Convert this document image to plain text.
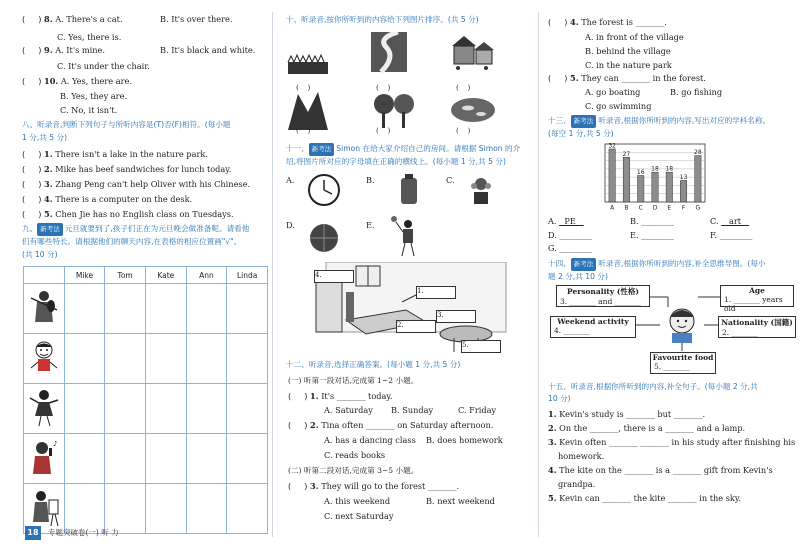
(     ) 8. A. There's a cat.	B. It's over there.
C. Yes, there is.
(     ) 9. A. It's mine.	B. It's black and white.
C. It's under the chair.
(     ) 10. A. Yes, there are.
B. Yes, they are.
C. No, it isn't.
八、听录音,判断下列句子与所听内容是(T)否(F)相符。(每小题
1 分,共 5 分)
(     ) 1. There isn't a lake in the nature park.
(     ) 2. Mike has beef sandwiches for lunch today.
(     ) 3. Zhang Peng can't help Oliver with his Chinese.
(     ) 4. There is a computer on the desk.
(     ) 5. Chen Jie has no English class on Tuesdays.
九、 新考法 元旦就要到了,孩子们正在为元旦晚会做准备呢。请看他
们有哪些特长。请根据他们的聊天内容,在表格的相应位置画"√"。
(共 10 分)
	Mike	Tom	Kate	Ann	Linda

♪					

18	专题突破卷(一) 听 力
十、听录音,按你所听到的内容给下列图片排序。(共 5 分)
(    )	(    )	(    )
(    )	(    )	(    )
十一、 新考法 Simon 在给大家介绍自己的房间。请根据 Simon 的介
绍,将图片所对应的字母填在正确的横线上。(每小题 1 分,共 5 分)
A.	B.	C.
D.	E.
4.
1.
2.
3.
5.
十二、听录音,选择正确答案。(每小题 1 分,共 5 分)
(一) 听第一段对话,完成第 1~2 小题。
(     ) 1. It's _______ today.
A. Saturday B. Sunday	C. Friday
(     ) 2. Tina often _______ on Saturday afternoon.
A. has a dancing class B. does homework
C. reads books
(二) 听第二段对话,完成第 3~5 小题。
(     ) 3. They will go to the forest _______.
A. this weekend	B. next weekend
C. next Saturday
(     ) 4. The forest is _______.
A. in front of the village
B. behind the village
C. in the nature park
(     ) 5. They can _______ in the forest.
A. go boating	B. go fishing
C. go swimming
十三、 新考法 听录音,根据你所听到的内容,写出对应的学科名称。
(每空 1 分,共 5 分)
A. PE	B. ________	C. art
D. ________	E. ________	F. ________
G. ________
十四、 新考法 听录音,根据你所听到的内容,补全思维导图。(每小
题 2 分,共 10 分)
Personality (性格)
3. _______ and _______
Age
1. _______ years old
Weekend activity
4. _______
Nationality (国籍)
2. _______
Favourite food
5. _______
十五、听录音,根据你所听到的内容,补全句子。(每小题 2 分,共
10 分)
1. Kevin's study is _______ but _______.
2. On the _______, there is a _______ and a lamp.
3. Kevin often _______ _______ in his study after finishing his
homework.
4. The kite on the _______ is a _______ gift from Kevin's
grandpa.
5. Kevin can _______ the kite _______ in the sky.
32
A
27
B
16
C
18
D
18
E
13
F
28
G
